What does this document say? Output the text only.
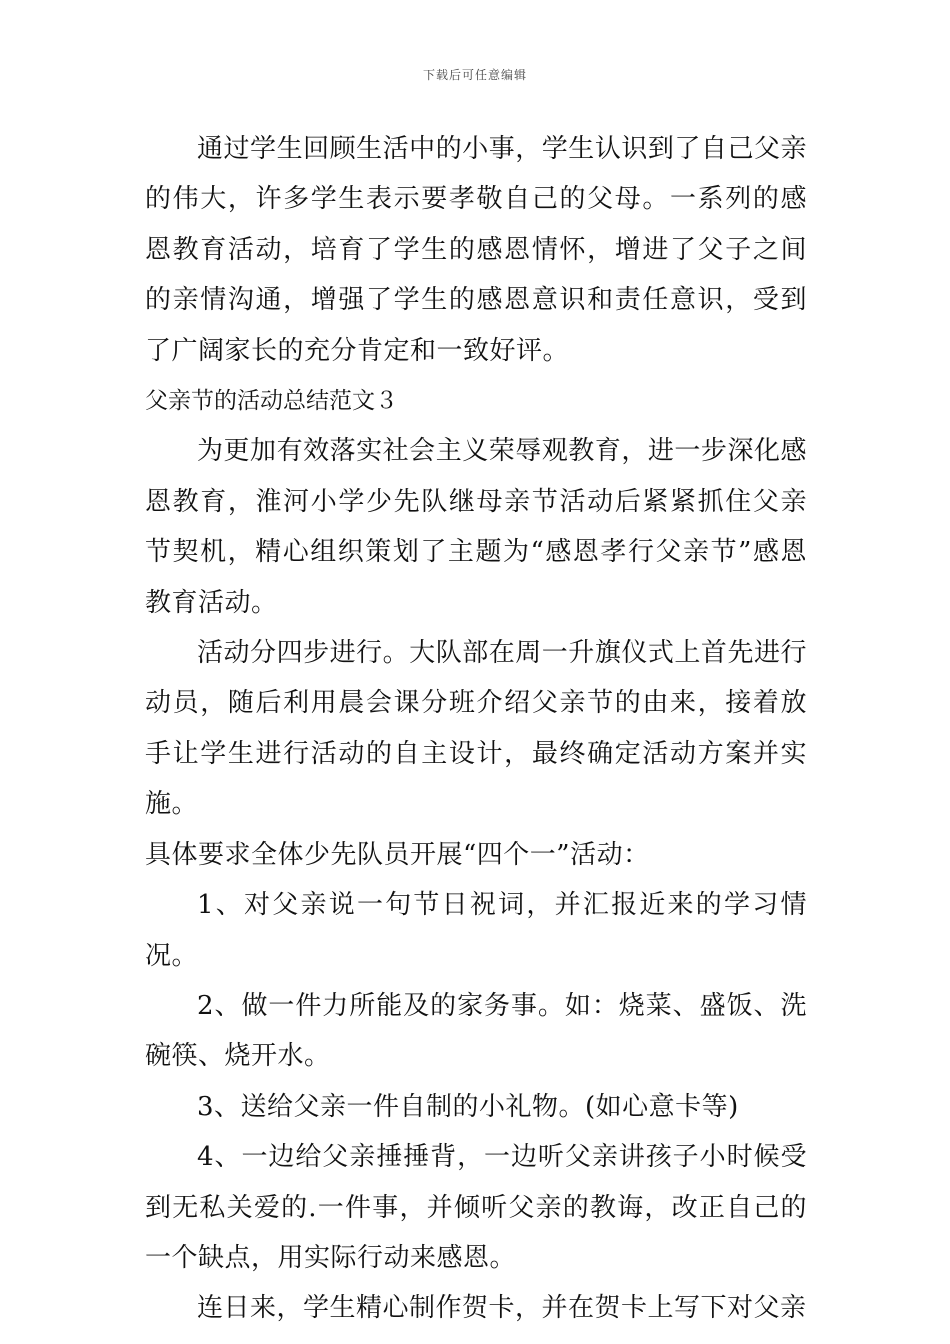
下载后可任意编辑

通过学生回顾生活中的小事，学生认识到了自己父亲的伟大，许多学生表示要孝敬自己的父母。一系列的感恩教育活动，培育了学生的感恩情怀，增进了父子之间的亲情沟通，增强了学生的感恩意识和责任意识，受到了广阔家长的充分肯定和一致好评。

父亲节的活动总结范文３

为更加有效落实社会主义荣辱观教育，进一步深化感恩教育，淮河小学少先队继母亲节活动后紧紧抓住父亲节契机，精心组织策划了主题为“感恩孝行父亲节”感恩教育活动。

活动分四步进行。大队部在周一升旗仪式上首先进行动员，随后利用晨会课分班介绍父亲节的由来，接着放手让学生进行活动的自主设计，最终确定活动方案并实施。

具体要求全体少先队员开展“四个一”活动：

1、对父亲说一句节日祝词，并汇报近来的学习情况。

2、做一件力所能及的家务事。如：烧菜、盛饭、洗碗筷、烧开水。

3、送给父亲一件自制的小礼物。(如心意卡等)

4、一边给父亲捶捶背，一边听父亲讲孩子小时候受到无私关爱的.一件事，并倾听父亲的教诲，改正自己的一个缺点，用实际行动来感恩。

连日来，学生精心制作贺卡，并在贺卡上写下对父亲
